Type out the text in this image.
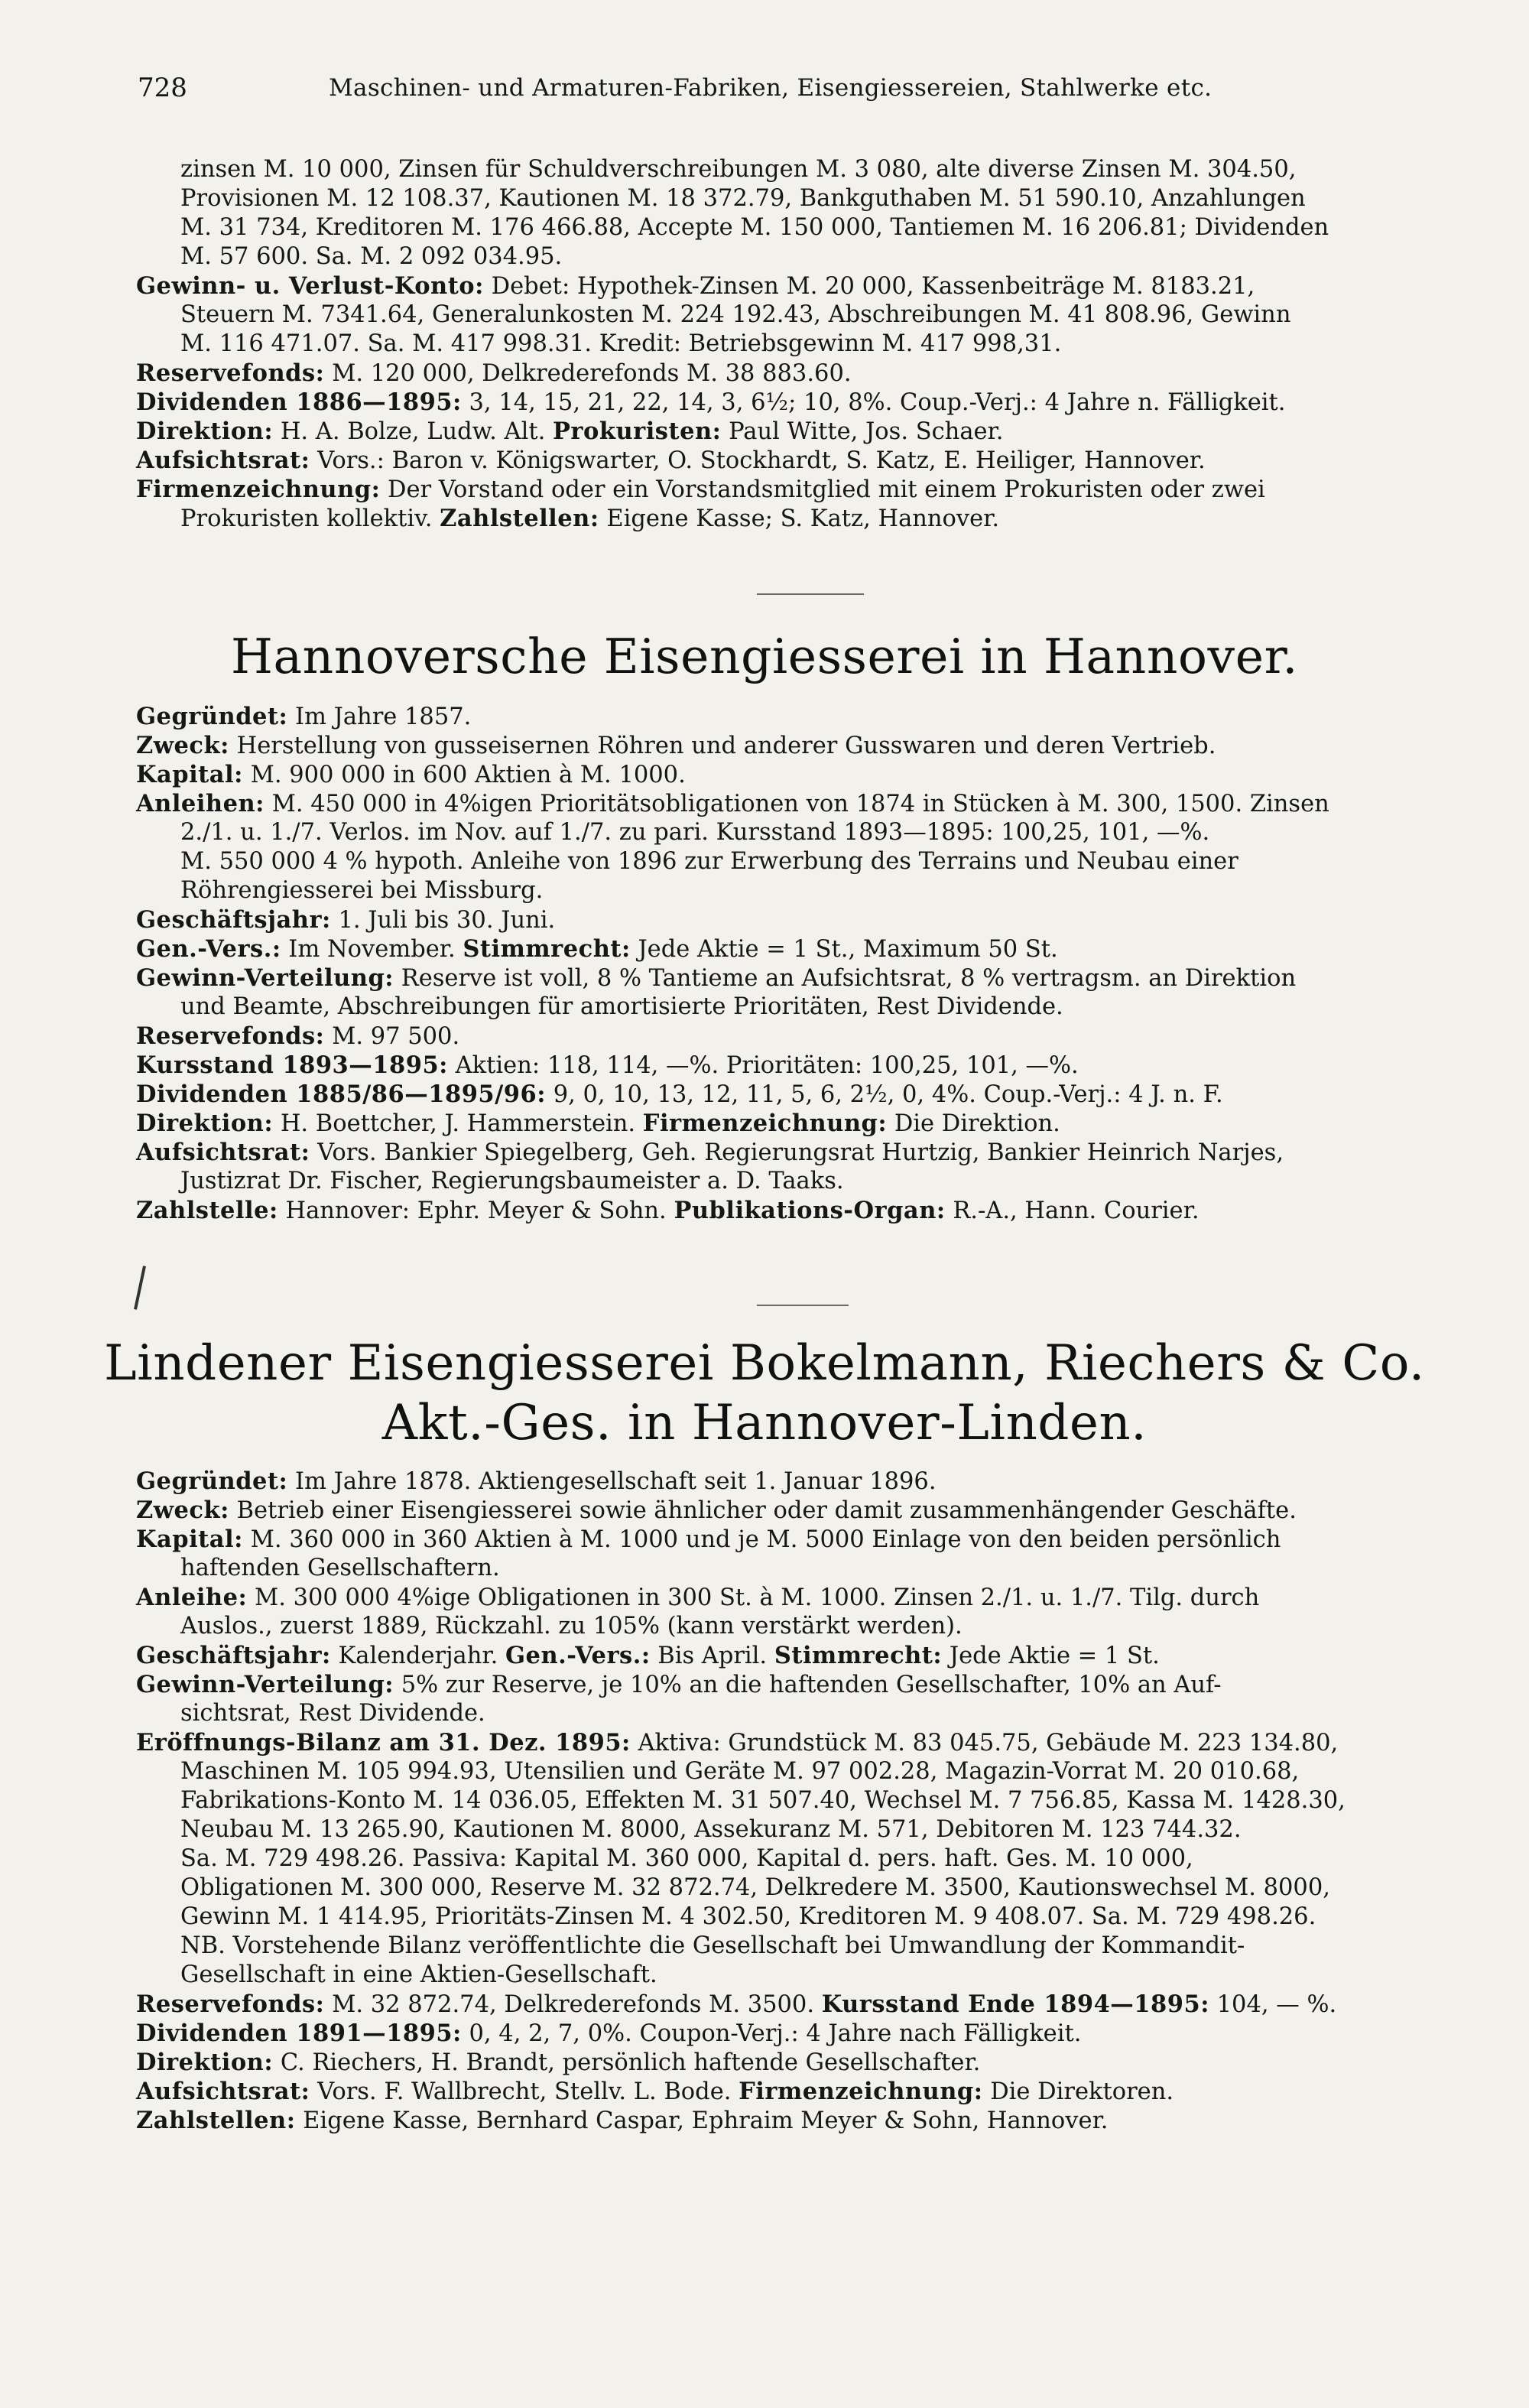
728	Maschinen- und Armaturen-Fabriken, Eisengiessereien, Stahlwerke etc.
zinsen M. 10 000, Zinsen für Schuldverschreibungen M. 3 080, alte diverse Zinsen M. 304.50,
Provisionen M. 12 108.37, Kautionen M. 18 372.79, Bankguthaben M. 51 590.10, Anzahlungen
M. 31 734, Kreditoren M. 176 466.88, Accepte M. 150 000, Tantiemen M. 16 206.81; Dividenden
M. 57 600. Sa. M. 2 092 034.95.
Gewinn- u. Verlust-Konto: Debet: Hypothek-Zinsen M. 20 000, Kassenbeiträge M. 8183.21,
Steuern M. 7341.64, Generalunkosten M. 224 192.43, Abschreibungen M. 41 808.96, Gewinn
M. 116 471.07. Sa. M. 417 998.31. Kredit: Betriebsgewinn M. 417 998,31.
Reservefonds: M. 120 000, Delkrederefonds M. 38 883.60.
Dividenden 1886—1895: 3, 14, 15, 21, 22, 14, 3, 6½; 10, 8%. Coup.-Verj.: 4 Jahre n. Fälligkeit.
Direktion: H. A. Bolze, Ludw. Alt. Prokuristen: Paul Witte, Jos. Schaer.
Aufsichtsrat: Vors.: Baron v. Königswarter, O. Stockhardt, S. Katz, E. Heiliger, Hannover.
Firmenzeichnung: Der Vorstand oder ein Vorstandsmitglied mit einem Prokuristen oder zwei
Prokuristen kollektiv. Zahlstellen: Eigene Kasse; S. Katz, Hannover.
Hannoversche Eisengiesserei in Hannover.
Gegründet: Im Jahre 1857.
Zweck: Herstellung von gusseisernen Röhren und anderer Gusswaren und deren Vertrieb.
Kapital: M. 900 000 in 600 Aktien à M. 1000.
Anleihen: M. 450 000 in 4%igen Prioritätsobligationen von 1874 in Stücken à M. 300, 1500. Zinsen
2./1. u. 1./7. Verlos. im Nov. auf 1./7. zu pari. Kursstand 1893—1895: 100,25, 101, —%.
M. 550 000 4 % hypoth. Anleihe von 1896 zur Erwerbung des Terrains und Neubau einer
Röhrengiesserei bei Missburg.
Geschäftsjahr: 1. Juli bis 30. Juni.
Gen.-Vers.: Im November. Stimmrecht: Jede Aktie = 1 St., Maximum 50 St.
Gewinn-Verteilung: Reserve ist voll, 8 % Tantieme an Aufsichtsrat, 8 % vertragsm. an Direktion
und Beamte, Abschreibungen für amortisierte Prioritäten, Rest Dividende.
Reservefonds: M. 97 500.
Kursstand 1893—1895: Aktien: 118, 114, —%. Prioritäten: 100,25, 101, —%.
Dividenden 1885/86—1895/96: 9, 0, 10, 13, 12, 11, 5, 6, 2½, 0, 4%. Coup.-Verj.: 4 J. n. F.
Direktion: H. Boettcher, J. Hammerstein. Firmenzeichnung: Die Direktion.
Aufsichtsrat: Vors. Bankier Spiegelberg, Geh. Regierungsrat Hurtzig, Bankier Heinrich Narjes,
Justizrat Dr. Fischer, Regierungsbaumeister a. D. Taaks.
Zahlstelle: Hannover: Ephr. Meyer & Sohn. Publikations-Organ: R.-A., Hann. Courier.
Lindener Eisengiesserei Bokelmann, Riechers & Co.
Akt.-Ges. in Hannover-Linden.
Gegründet: Im Jahre 1878. Aktiengesellschaft seit 1. Januar 1896.
Zweck: Betrieb einer Eisengiesserei sowie ähnlicher oder damit zusammenhängender Geschäfte.
Kapital: M. 360 000 in 360 Aktien à M. 1000 und je M. 5000 Einlage von den beiden persönlich
haftenden Gesellschaftern.
Anleihe: M. 300 000 4%ige Obligationen in 300 St. à M. 1000. Zinsen 2./1. u. 1./7. Tilg. durch
Auslos., zuerst 1889, Rückzahl. zu 105% (kann verstärkt werden).
Geschäftsjahr: Kalenderjahr. Gen.-Vers.: Bis April. Stimmrecht: Jede Aktie = 1 St.
Gewinn-Verteilung: 5% zur Reserve, je 10% an die haftenden Gesellschafter, 10% an Auf-
sichtsrat, Rest Dividende.
Eröffnungs-Bilanz am 31. Dez. 1895: Aktiva: Grundstück M. 83 045.75, Gebäude M. 223 134.80,
Maschinen M. 105 994.93, Utensilien und Geräte M. 97 002.28, Magazin-Vorrat M. 20 010.68,
Fabrikations-Konto M. 14 036.05, Effekten M. 31 507.40, Wechsel M. 7 756.85, Kassa M. 1428.30,
Neubau M. 13 265.90, Kautionen M. 8000, Assekuranz M. 571, Debitoren M. 123 744.32.
Sa. M. 729 498.26. Passiva: Kapital M. 360 000, Kapital d. pers. haft. Ges. M. 10 000,
Obligationen M. 300 000, Reserve M. 32 872.74, Delkredere M. 3500, Kautionswechsel M. 8000,
Gewinn M. 1 414.95, Prioritäts-Zinsen M. 4 302.50, Kreditoren M. 9 408.07. Sa. M. 729 498.26.
NB. Vorstehende Bilanz veröffentlichte die Gesellschaft bei Umwandlung der Kommandit-
Gesellschaft in eine Aktien-Gesellschaft.
Reservefonds: M. 32 872.74, Delkrederefonds M. 3500. Kursstand Ende 1894—1895: 104, — %.
Dividenden 1891—1895: 0, 4, 2, 7, 0%. Coupon-Verj.: 4 Jahre nach Fälligkeit.
Direktion: C. Riechers, H. Brandt, persönlich haftende Gesellschafter.
Aufsichtsrat: Vors. F. Wallbrecht, Stellv. L. Bode. Firmenzeichnung: Die Direktoren.
Zahlstellen: Eigene Kasse, Bernhard Caspar, Ephraim Meyer & Sohn, Hannover.
